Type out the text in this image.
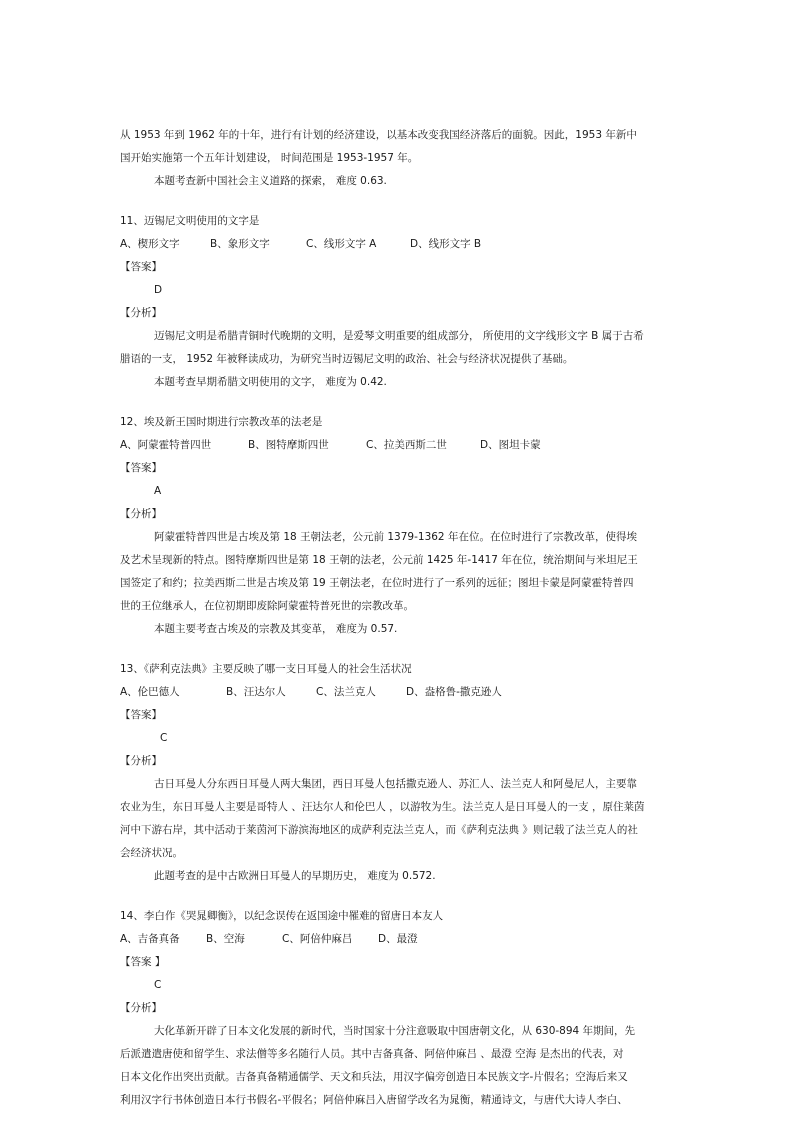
从 1953 年到 1962 年的十年，进行有计划的经济建设，以基本改变我国经济落后的面貌。因此，1953 年新中
国开始实施第一个五年计划建设， 时间范围是 1953-1957 年。
本题考查新中国社会主义道路的探索， 难度 0.63.
11、迈锡尼文明使用的文字是
A、楔形文字	B、象形文字	C、线形文字 A	D、线形文字 B
【答案】
D
【分析】
迈锡尼文明是希腊青铜时代晚期的文明，是爱琴文明重要的组成部分， 所使用的文字线形文字 B 属于古希
腊语的一支， 1952 年被释读成功，为研究当时迈锡尼文明的政治、社会与经济状况提供了基础。
本题考查早期希腊文明使用的文字， 难度为 0.42.
12、埃及新王国时期进行宗教改革的法老是
A、阿蒙霍特普四世	B、图特摩斯四世	C、拉美西斯二世	D、图坦卡蒙
【答案】
A
【分析】
阿蒙霍特普四世是古埃及第 18 王朝法老，公元前 1379-1362 年在位。在位时进行了宗教改革，使得埃
及艺术呈现新的特点。图特摩斯四世是第 18 王朝的法老，公元前 1425 年-1417 年在位，统治期间与米坦尼王
国签定了和约；拉美西斯二世是古埃及第 19 王朝法老，在位时进行了一系列的远征；图坦卡蒙是阿蒙霍特普四
世的王位继承人，在位初期即废除阿蒙霍特普死世的宗教改革。
本题主要考查古埃及的宗教及其变革， 难度为 0.57.
13、《萨利克法典》主要反映了哪一支日耳曼人的社会生活状况
A、伦巴德人	B、汪达尔人	C、法兰克人	D、盎格鲁-撒克逊人
【答案】
C
【分析】
古日耳曼人分东西日耳曼人两大集团，西日耳曼人包括撒克逊人、苏汇人、法兰克人和阿曼尼人，主要靠
农业为生，东日耳曼人主要是哥特人 、汪达尔人和伦巴人 ，以游牧为生。法兰克人是日耳曼人的一支 ，原住莱茵
河中下游右岸，其中活动于莱茵河下游滨海地区的成萨利克法兰克人，而《萨利克法典 》则记载了法兰克人的社
会经济状况。
此题考查的是中古欧洲日耳曼人的早期历史， 难度为 0.572.
14、李白作《哭晁卿衡》，以纪念误传在返国途中罹难的留唐日本友人
A、吉备真备	B、空海	C、阿倍仲麻吕 D、最澄
【答案 】
C
【分析】
大化革新开辟了日本文化发展的新时代，当时国家十分注意吸取中国唐朝文化，从 630-894 年期间，先
后派遣遣唐使和留学生、求法僧等多名随行人员。其中吉备真备、阿倍仲麻吕 、最澄 空海 是杰出的代表，对
日本文化作出突出贡献。吉备真备精通儒学、天文和兵法，用汉字偏旁创造日本民族文字-片假名；空海后来又
利用汉字行书体创造日本行书假名-平假名；阿倍仲麻吕入唐留学改名为晁衡，精通诗文，与唐代大诗人李白、
